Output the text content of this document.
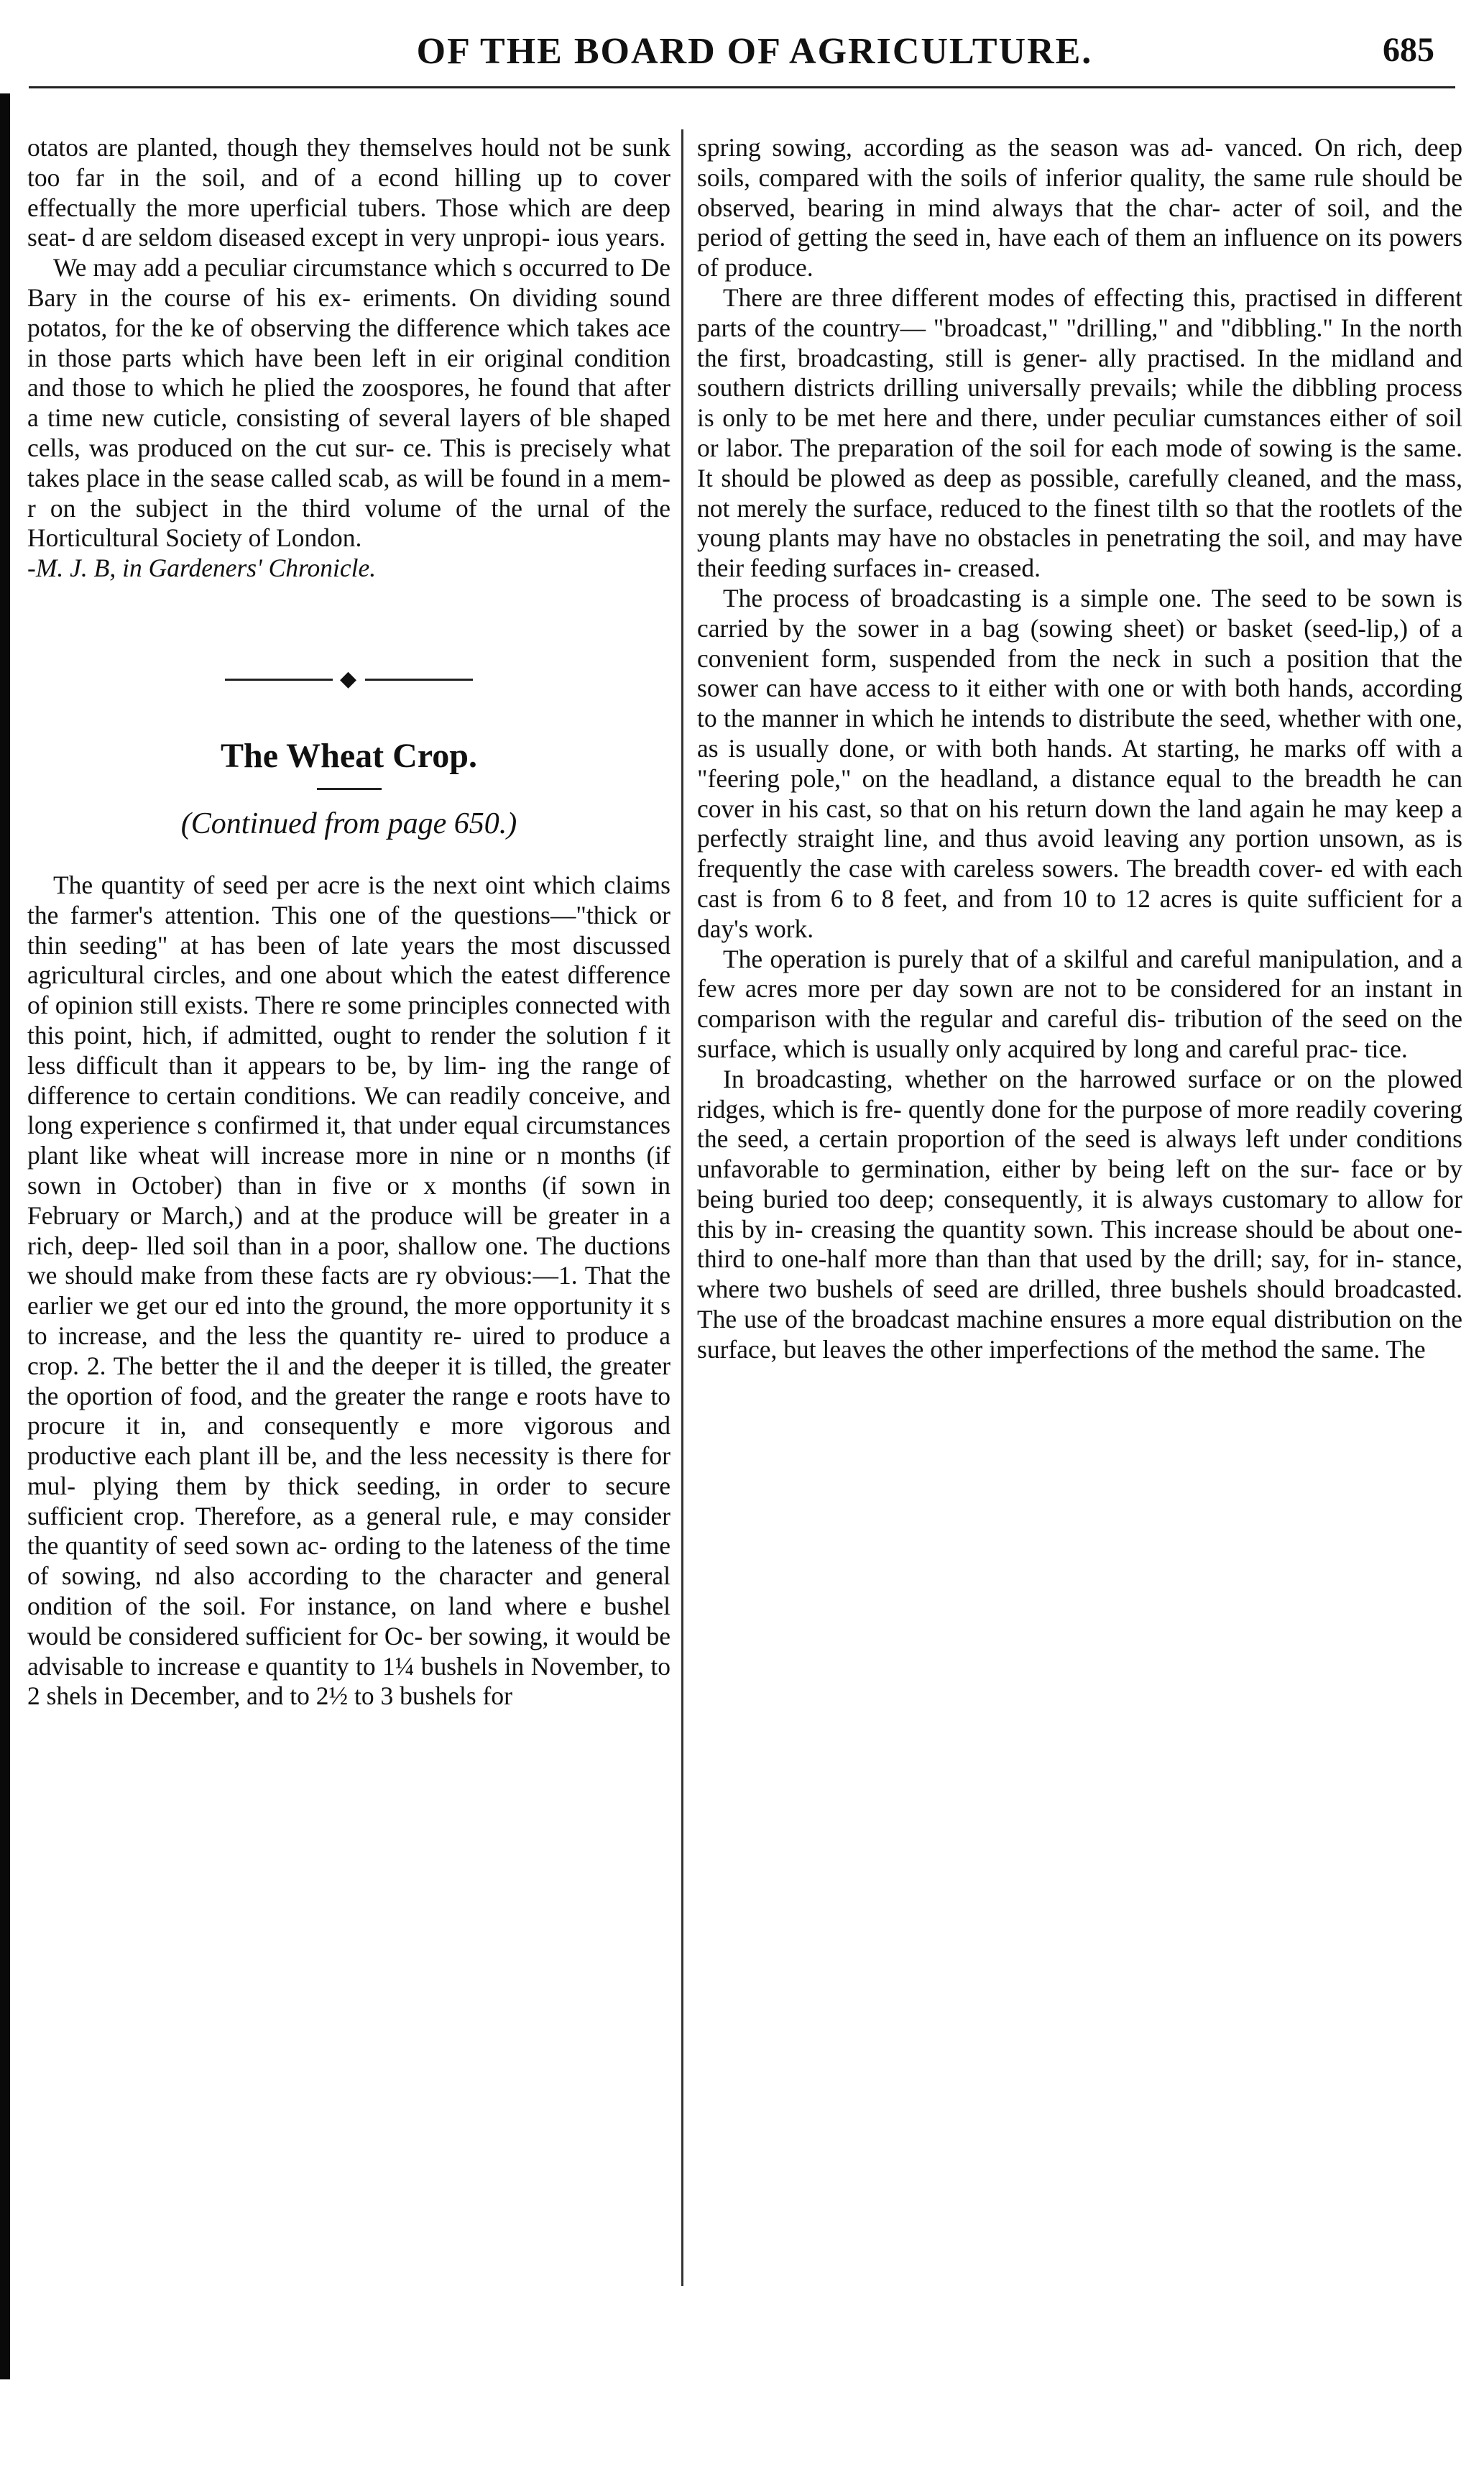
OF THE BOARD OF AGRICULTURE.	685

otatos are planted, though they themselves hould not be sunk too far in the soil, and of a econd hilling up to cover effectually the more uperficial tubers. Those which are deep seat- d are seldom diseased except in very unpropi- ious years.

We may add a peculiar circumstance which s occurred to De Bary in the course of his ex- eriments. On dividing sound potatos, for the ke of observing the difference which takes ace in those parts which have been left in eir original condition and those to which he plied the zoospores, he found that after a time new cuticle, consisting of several layers of ble shaped cells, was produced on the cut sur- ce. This is precisely what takes place in the sease called scab, as will be found in a mem- r on the subject in the third volume of the urnal of the Horticultural Society of London.

-M. J. B, in Gardeners' Chronicle.

◆
The Wheat Crop.
(Continued from page 650.)

The quantity of seed per acre is the next oint which claims the farmer's attention. This one of the questions—"thick or thin seeding" at has been of late years the most discussed agricultural circles, and one about which the eatest difference of opinion still exists. There re some principles connected with this point, hich, if admitted, ought to render the solution f it less difficult than it appears to be, by lim- ing the range of difference to certain conditions. We can readily conceive, and long experience s confirmed it, that under equal circumstances plant like wheat will increase more in nine or n months (if sown in October) than in five or x months (if sown in February or March,) and at the produce will be greater in a rich, deep- lled soil than in a poor, shallow one. The ductions we should make from these facts are ry obvious:—1. That the earlier we get our ed into the ground, the more opportunity it s to increase, and the less the quantity re- uired to produce a crop. 2. The better the il and the deeper it is tilled, the greater the oportion of food, and the greater the range e roots have to procure it in, and consequently e more vigorous and productive each plant ill be, and the less necessity is there for mul- plying them by thick seeding, in order to secure sufficient crop. Therefore, as a general rule, e may consider the quantity of seed sown ac- ording to the lateness of the time of sowing, nd also according to the character and general ondition of the soil. For instance, on land where e bushel would be considered sufficient for Oc- ber sowing, it would be advisable to increase e quantity to 1¼ bushels in November, to 2 shels in December, and to 2½ to 3 bushels for

spring sowing, according as the season was ad- vanced. On rich, deep soils, compared with the soils of inferior quality, the same rule should be observed, bearing in mind always that the char- acter of soil, and the period of getting the seed in, have each of them an influence on its powers of produce.

There are three different modes of effecting this, practised in different parts of the country— "broadcast," "drilling," and "dibbling." In the north the first, broadcasting, still is gener- ally practised. In the midland and southern districts drilling universally prevails; while the dibbling process is only to be met here and there, under peculiar cumstances either of soil or labor. The preparation of the soil for each mode of sowing is the same. It should be plowed as deep as possible, carefully cleaned, and the mass, not merely the surface, reduced to the finest tilth so that the rootlets of the young plants may have no obstacles in penetrating the soil, and may have their feeding surfaces in- creased.

The process of broadcasting is a simple one. The seed to be sown is carried by the sower in a bag (sowing sheet) or basket (seed-lip,) of a convenient form, suspended from the neck in such a position that the sower can have access to it either with one or with both hands, according to the manner in which he intends to distribute the seed, whether with one, as is usually done, or with both hands. At starting, he marks off with a "feering pole," on the headland, a distance equal to the breadth he can cover in his cast, so that on his return down the land again he may keep a perfectly straight line, and thus avoid leaving any portion unsown, as is frequently the case with careless sowers. The breadth cover- ed with each cast is from 6 to 8 feet, and from 10 to 12 acres is quite sufficient for a day's work.

The operation is purely that of a skilful and careful manipulation, and a few acres more per day sown are not to be considered for an instant in comparison with the regular and careful dis- tribution of the seed on the surface, which is usually only acquired by long and careful prac- tice.

In broadcasting, whether on the harrowed surface or on the plowed ridges, which is fre- quently done for the purpose of more readily covering the seed, a certain proportion of the seed is always left under conditions unfavorable to germination, either by being left on the sur- face or by being buried too deep; consequently, it is always customary to allow for this by in- creasing the quantity sown. This increase should be about one-third to one-half more than than that used by the drill; say, for in- stance, where two bushels of seed are drilled, three bushels should broadcasted. The use of the broadcast machine ensures a more equal distribution on the surface, but leaves the other imperfections of the method the same. The
